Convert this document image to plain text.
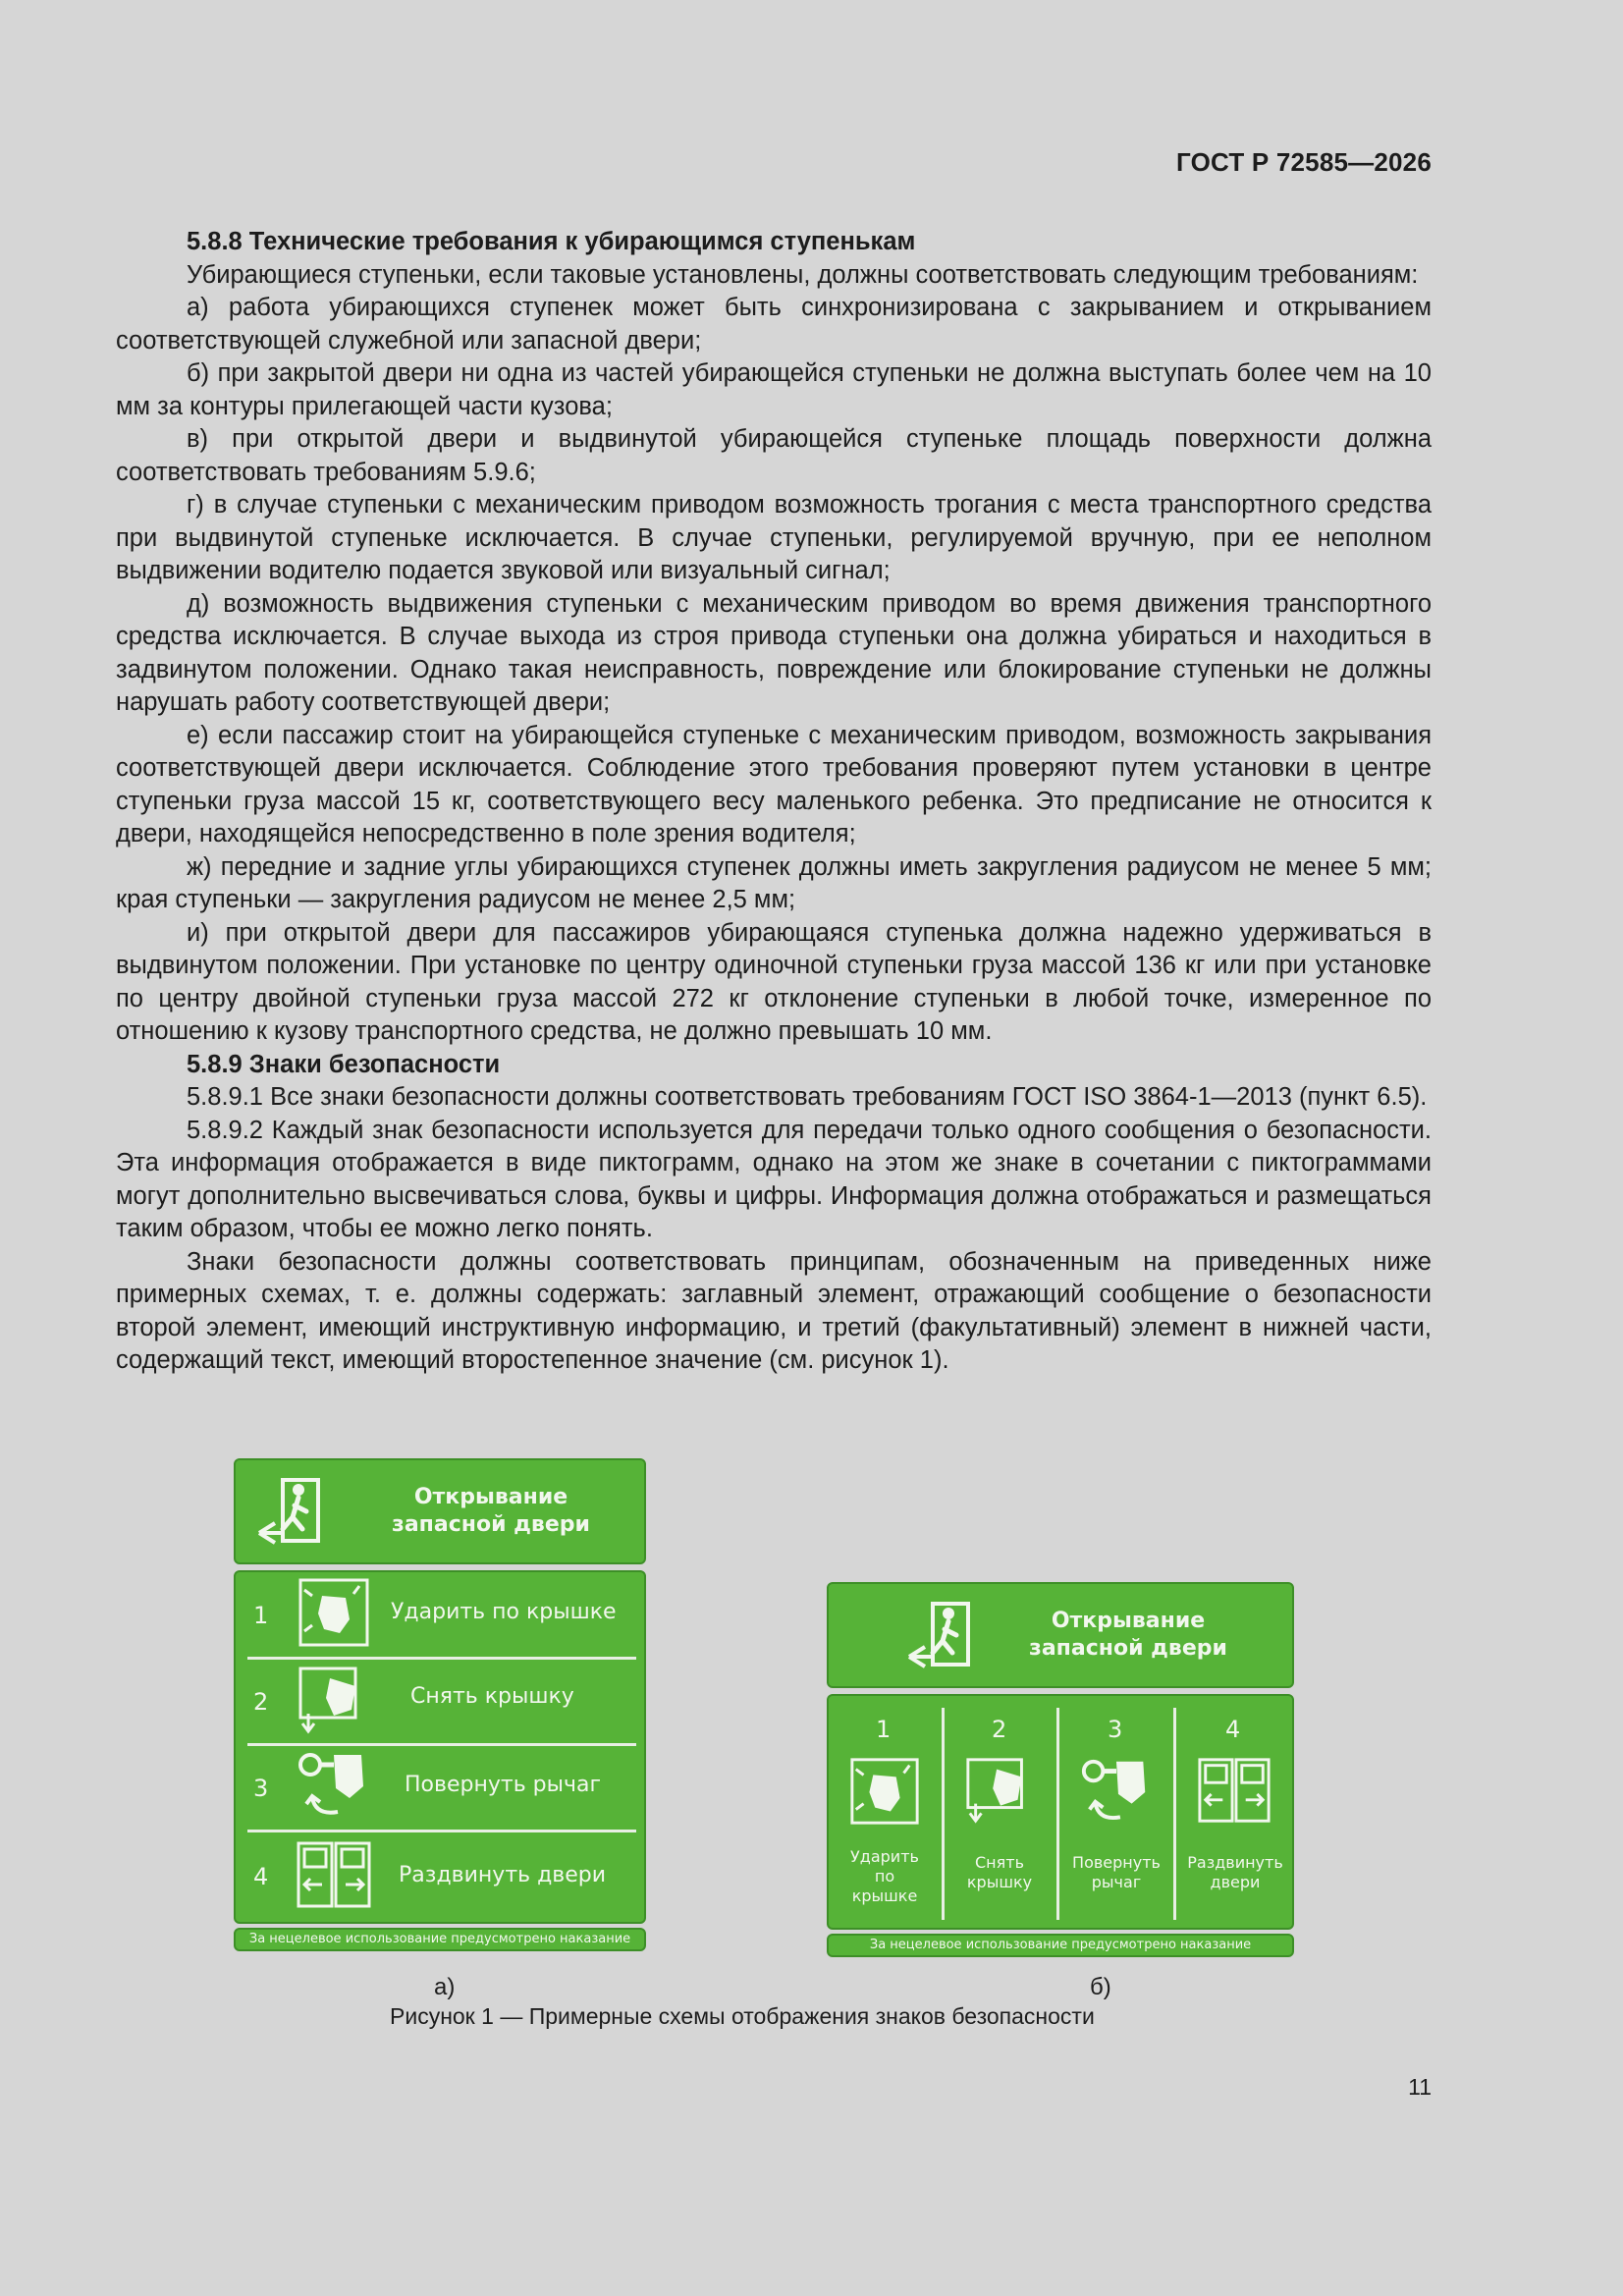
ГОСТ Р 72585—2026

5.8.8 Технические требования к убирающимся ступенькам

Убирающиеся ступеньки, если таковые установлены, должны соответствовать следующим требованиям:

а) работа убирающихся ступенек может быть синхронизирована с закрыванием и открыванием соответствующей служебной или запасной двери;

б) при закрытой двери ни одна из частей убирающейся ступеньки не должна выступать более чем на 10 мм за контуры прилегающей части кузова;

в) при открытой двери и выдвинутой убирающейся ступеньке площадь поверхности должна соответствовать требованиям 5.9.6;

г) в случае ступеньки с механическим приводом возможность трогания с места транспортного средства при выдвинутой ступеньке исключается. В случае ступеньки, регулируемой вручную, при ее неполном выдвижении водителю подается звуковой или визуальный сигнал;

д) возможность выдвижения ступеньки с механическим приводом во время движения транспортного средства исключается. В случае выхода из строя привода ступеньки она должна убираться и находиться в задвинутом положении. Однако такая неисправность, повреждение или блокирование ступеньки не должны нарушать работу соответствующей двери;

е) если пассажир стоит на убирающейся ступеньке с механическим приводом, возможность закрывания соответствующей двери исключается. Соблюдение этого требования проверяют путем установки в центре ступеньки груза массой 15 кг, соответствующего весу маленького ребенка. Это предписание не относится к двери, находящейся непосредственно в поле зрения водителя;

ж) передние и задние углы убирающихся ступенек должны иметь закругления радиусом не менее 5 мм; края ступеньки — закругления радиусом не менее 2,5 мм;

и) при открытой двери для пассажиров убирающаяся ступенька должна надежно удерживаться в выдвинутом положении. При установке по центру одиночной ступеньки груза массой 136 кг или при установке по центру двойной ступеньки груза массой 272 кг отклонение ступеньки в любой точке, измеренное по отношению к кузову транспортного средства, не должно превышать 10 мм.

5.8.9 Знаки безопасности

5.8.9.1 Все знаки безопасности должны соответствовать требованиям ГОСТ ISO 3864-1—2013 (пункт 6.5).

5.8.9.2 Каждый знак безопасности используется для передачи только одного сообщения о безопасности. Эта информация отображается в виде пиктограмм, однако на этом же знаке в сочетании с пиктограммами могут дополнительно высвечиваться слова, буквы и цифры. Информация должна отображаться и размещаться таким образом, чтобы ее можно легко понять.

Знаки безопасности должны соответствовать принципам, обозначенным на приведенных ниже примерных схемах, т. е. должны содержать: заглавный элемент, отражающий сообщение о безопасности второй элемент, имеющий инструктивную информацию, и третий (факультативный) элемент в нижней части, содержащий текст, имеющий второстепенное значение (см. рисунок 1).

Открывание
запасной двери
1	Ударить по крышке
2	Снять крышку
3	Повернуть рычаг
4	Раздвинуть двери
За нецелевое использование предусмотрено наказание
Открывание
запасной двери
1
Ударить
по
крышке
2
Снять
крышку
3
Повернуть
рычаг
4
Раздвинуть
двери
За нецелевое использование предусмотрено наказание
а)	б)
Рисунок 1 — Примерные схемы отображения знаков безопасности
11
